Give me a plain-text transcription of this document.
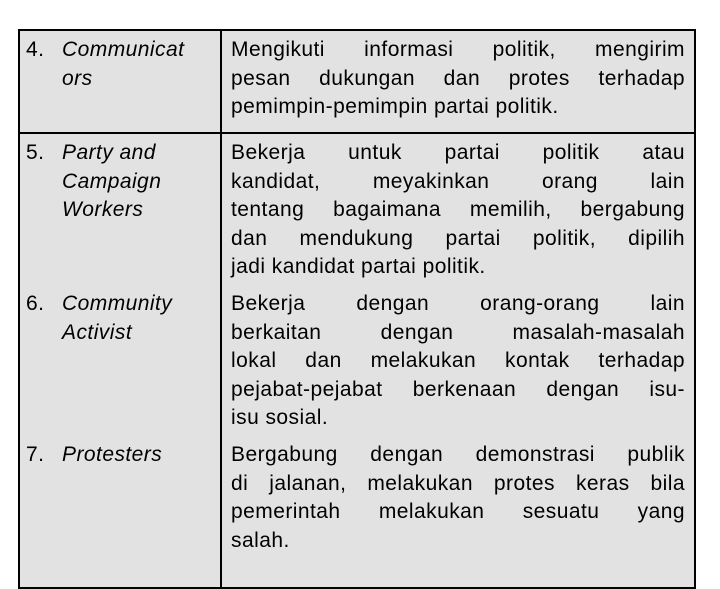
4. Communicat
ors
Mengikuti informasi politik, mengirim
pesan dukungan dan protes terhadap
pemimpin-pemimpin partai politik.
5. Party and
Campaign
Workers
Bekerja untuk partai politik atau
kandidat, meyakinkan orang lain
tentang bagaimana memilih, bergabung
dan mendukung partai politik, dipilih
jadi kandidat partai politik.
6. Community
Activist
Bekerja dengan orang-orang lain
berkaitan dengan masalah-masalah
lokal dan melakukan kontak terhadap
pejabat-pejabat berkenaan dengan isu-
isu sosial.
7. Protesters	Bergabung dengan demonstrasi publik
di jalanan, melakukan protes keras bila
pemerintah melakukan sesuatu yang
salah.
